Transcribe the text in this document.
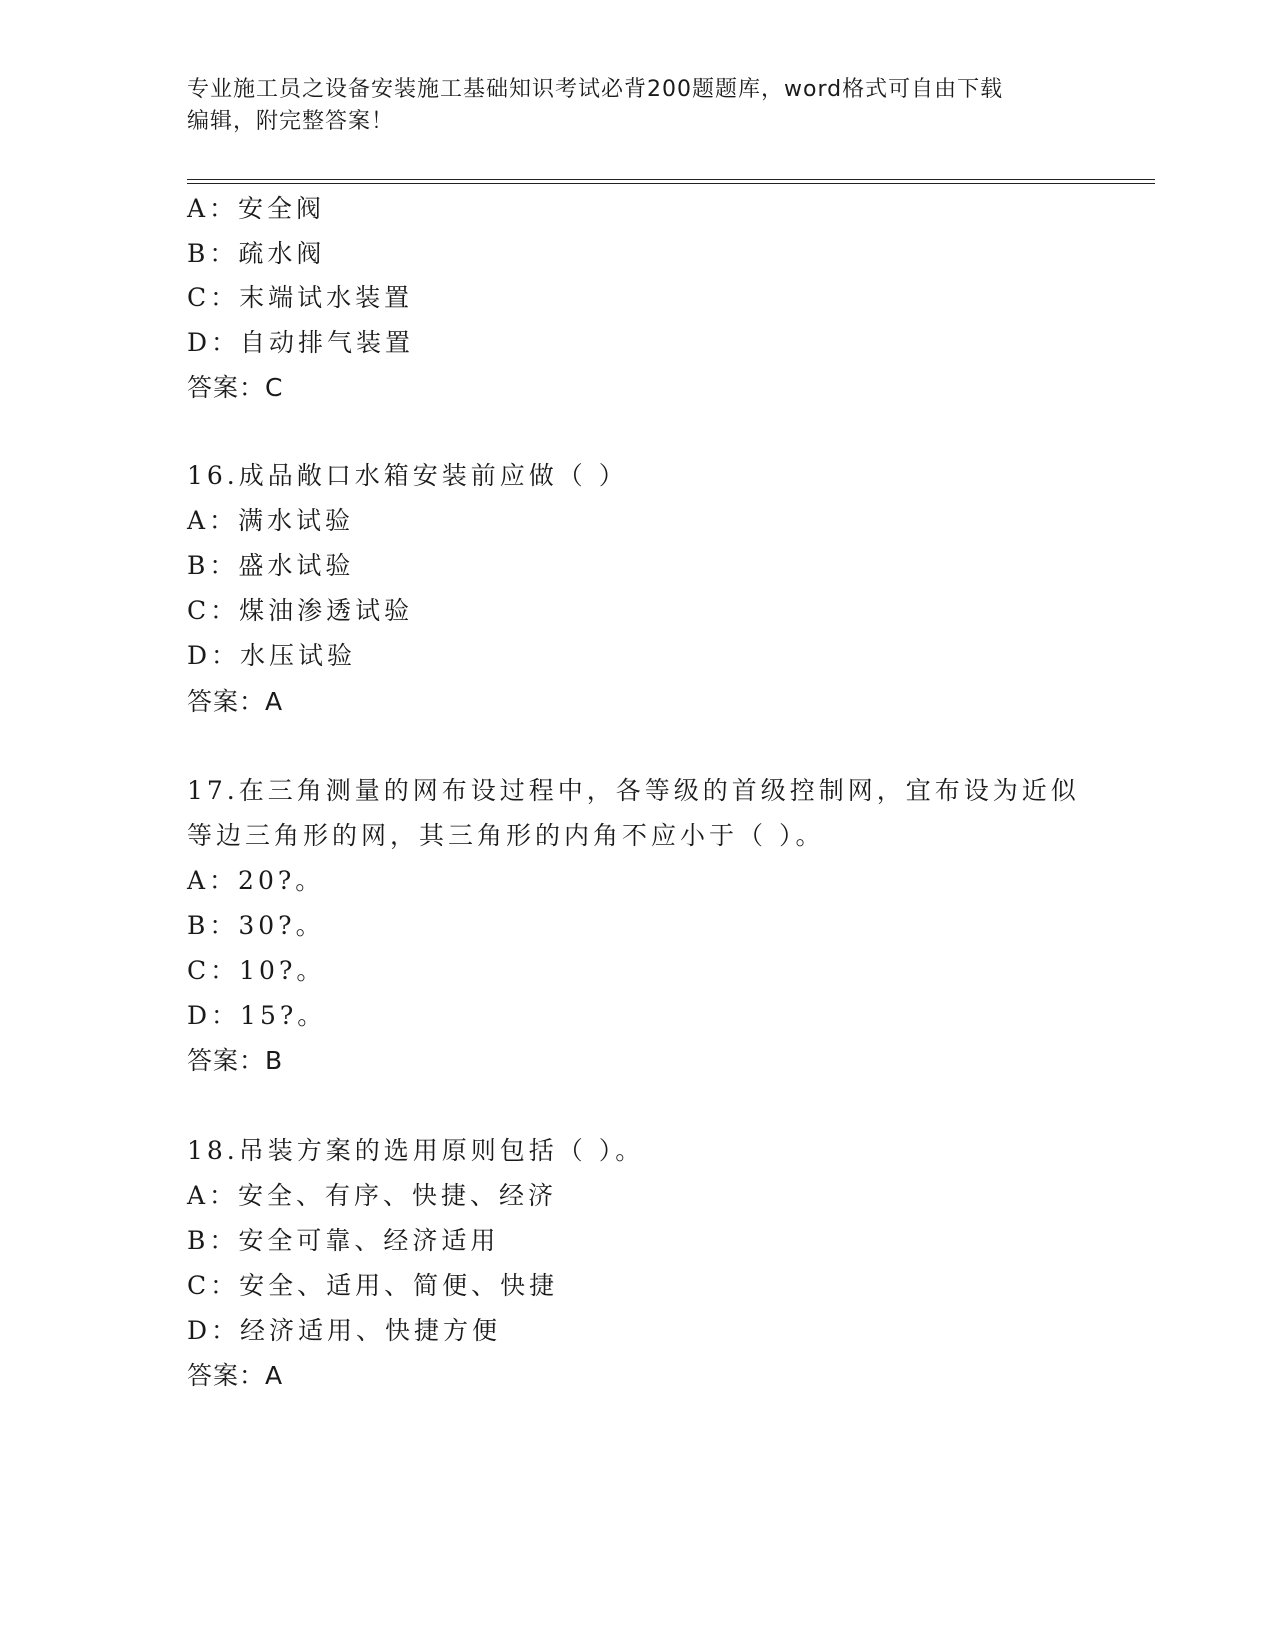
专业施工员之设备安装施工基础知识考试必背200题题库，word格式可自由下载
编辑，附完整答案！
A：安全阀
B：疏水阀
C：末端试水装置
D：自动排气装置
答案：C
16.成品敞口水箱安装前应做（ ）
A：满水试验
B：盛水试验
C：煤油渗透试验
D：水压试验
答案：A
17.在三角测量的网布设过程中，各等级的首级控制网，宜布设为近似
等边三角形的网，其三角形的内角不应小于（ ）。
A：20?。
B：30?。
C：10?。
D：15?。
答案：B
18.吊装方案的选用原则包括（ ）。
A：安全、有序、快捷、经济
B：安全可靠、经济适用
C：安全、适用、简便、快捷
D：经济适用、快捷方便
答案：A
